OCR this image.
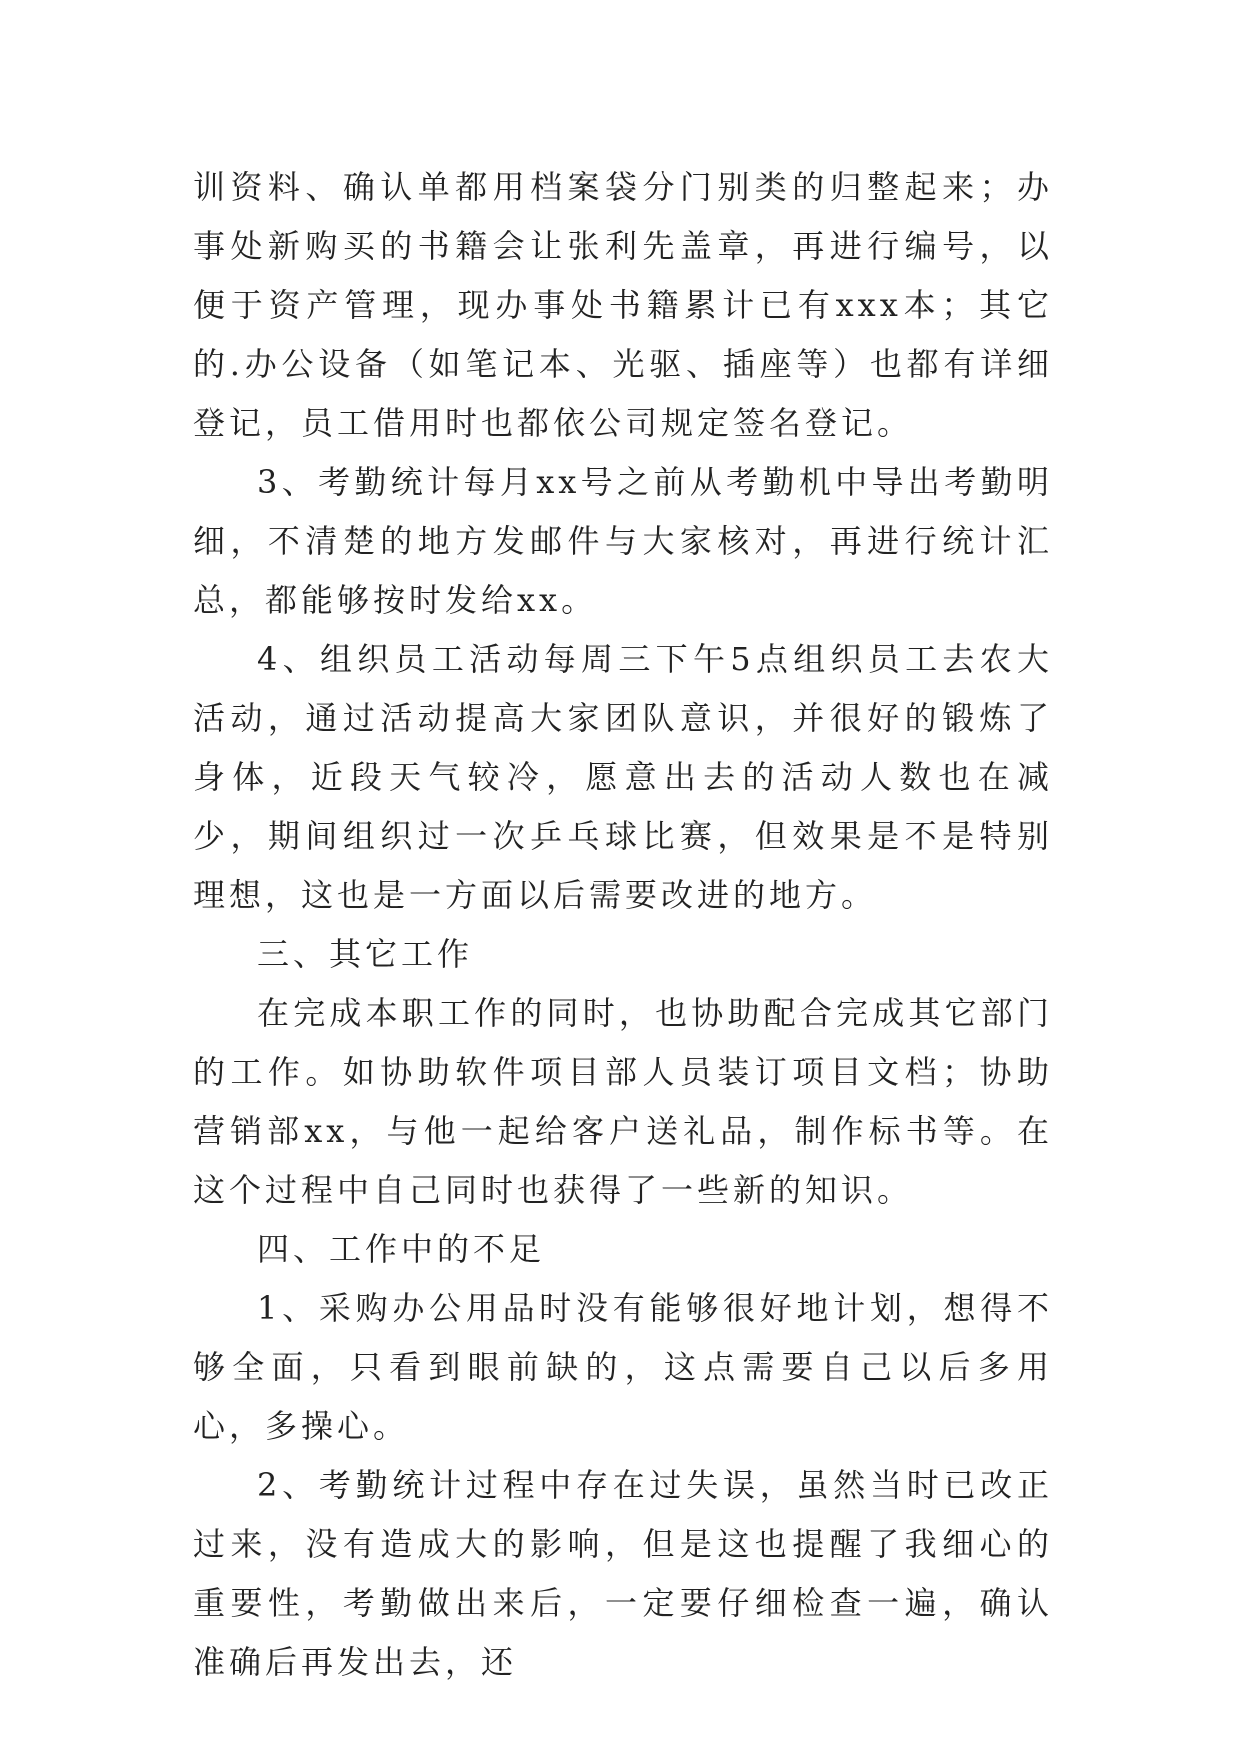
训资料、确认单都用档案袋分门别类的归整起来；办事处新购买的书籍会让张利先盖章，再进行编号，以便于资产管理，现办事处书籍累计已有xxx本；其它的.办公设备（如笔记本、光驱、插座等）也都有详细登记，员工借用时也都依公司规定签名登记。

3、考勤统计每月xx号之前从考勤机中导出考勤明细，不清楚的地方发邮件与大家核对，再进行统计汇总，都能够按时发给xx。

4、组织员工活动每周三下午5点组织员工去农大活动，通过活动提高大家团队意识，并很好的锻炼了身体，近段天气较冷，愿意出去的活动人数也在减少，期间组织过一次乒乓球比赛，但效果是不是特别理想，这也是一方面以后需要改进的地方。

三、其它工作

在完成本职工作的同时，也协助配合完成其它部门的工作。如协助软件项目部人员装订项目文档；协助营销部xx，与他一起给客户送礼品，制作标书等。在这个过程中自己同时也获得了一些新的知识。

四、工作中的不足

1、采购办公用品时没有能够很好地计划，想得不够全面，只看到眼前缺的，这点需要自己以后多用心，多操心。

2、考勤统计过程中存在过失误，虽然当时已改正过来，没有造成大的影响，但是这也提醒了我细心的重要性，考勤做出来后，一定要仔细检查一遍，确认准确后再发出去，还
